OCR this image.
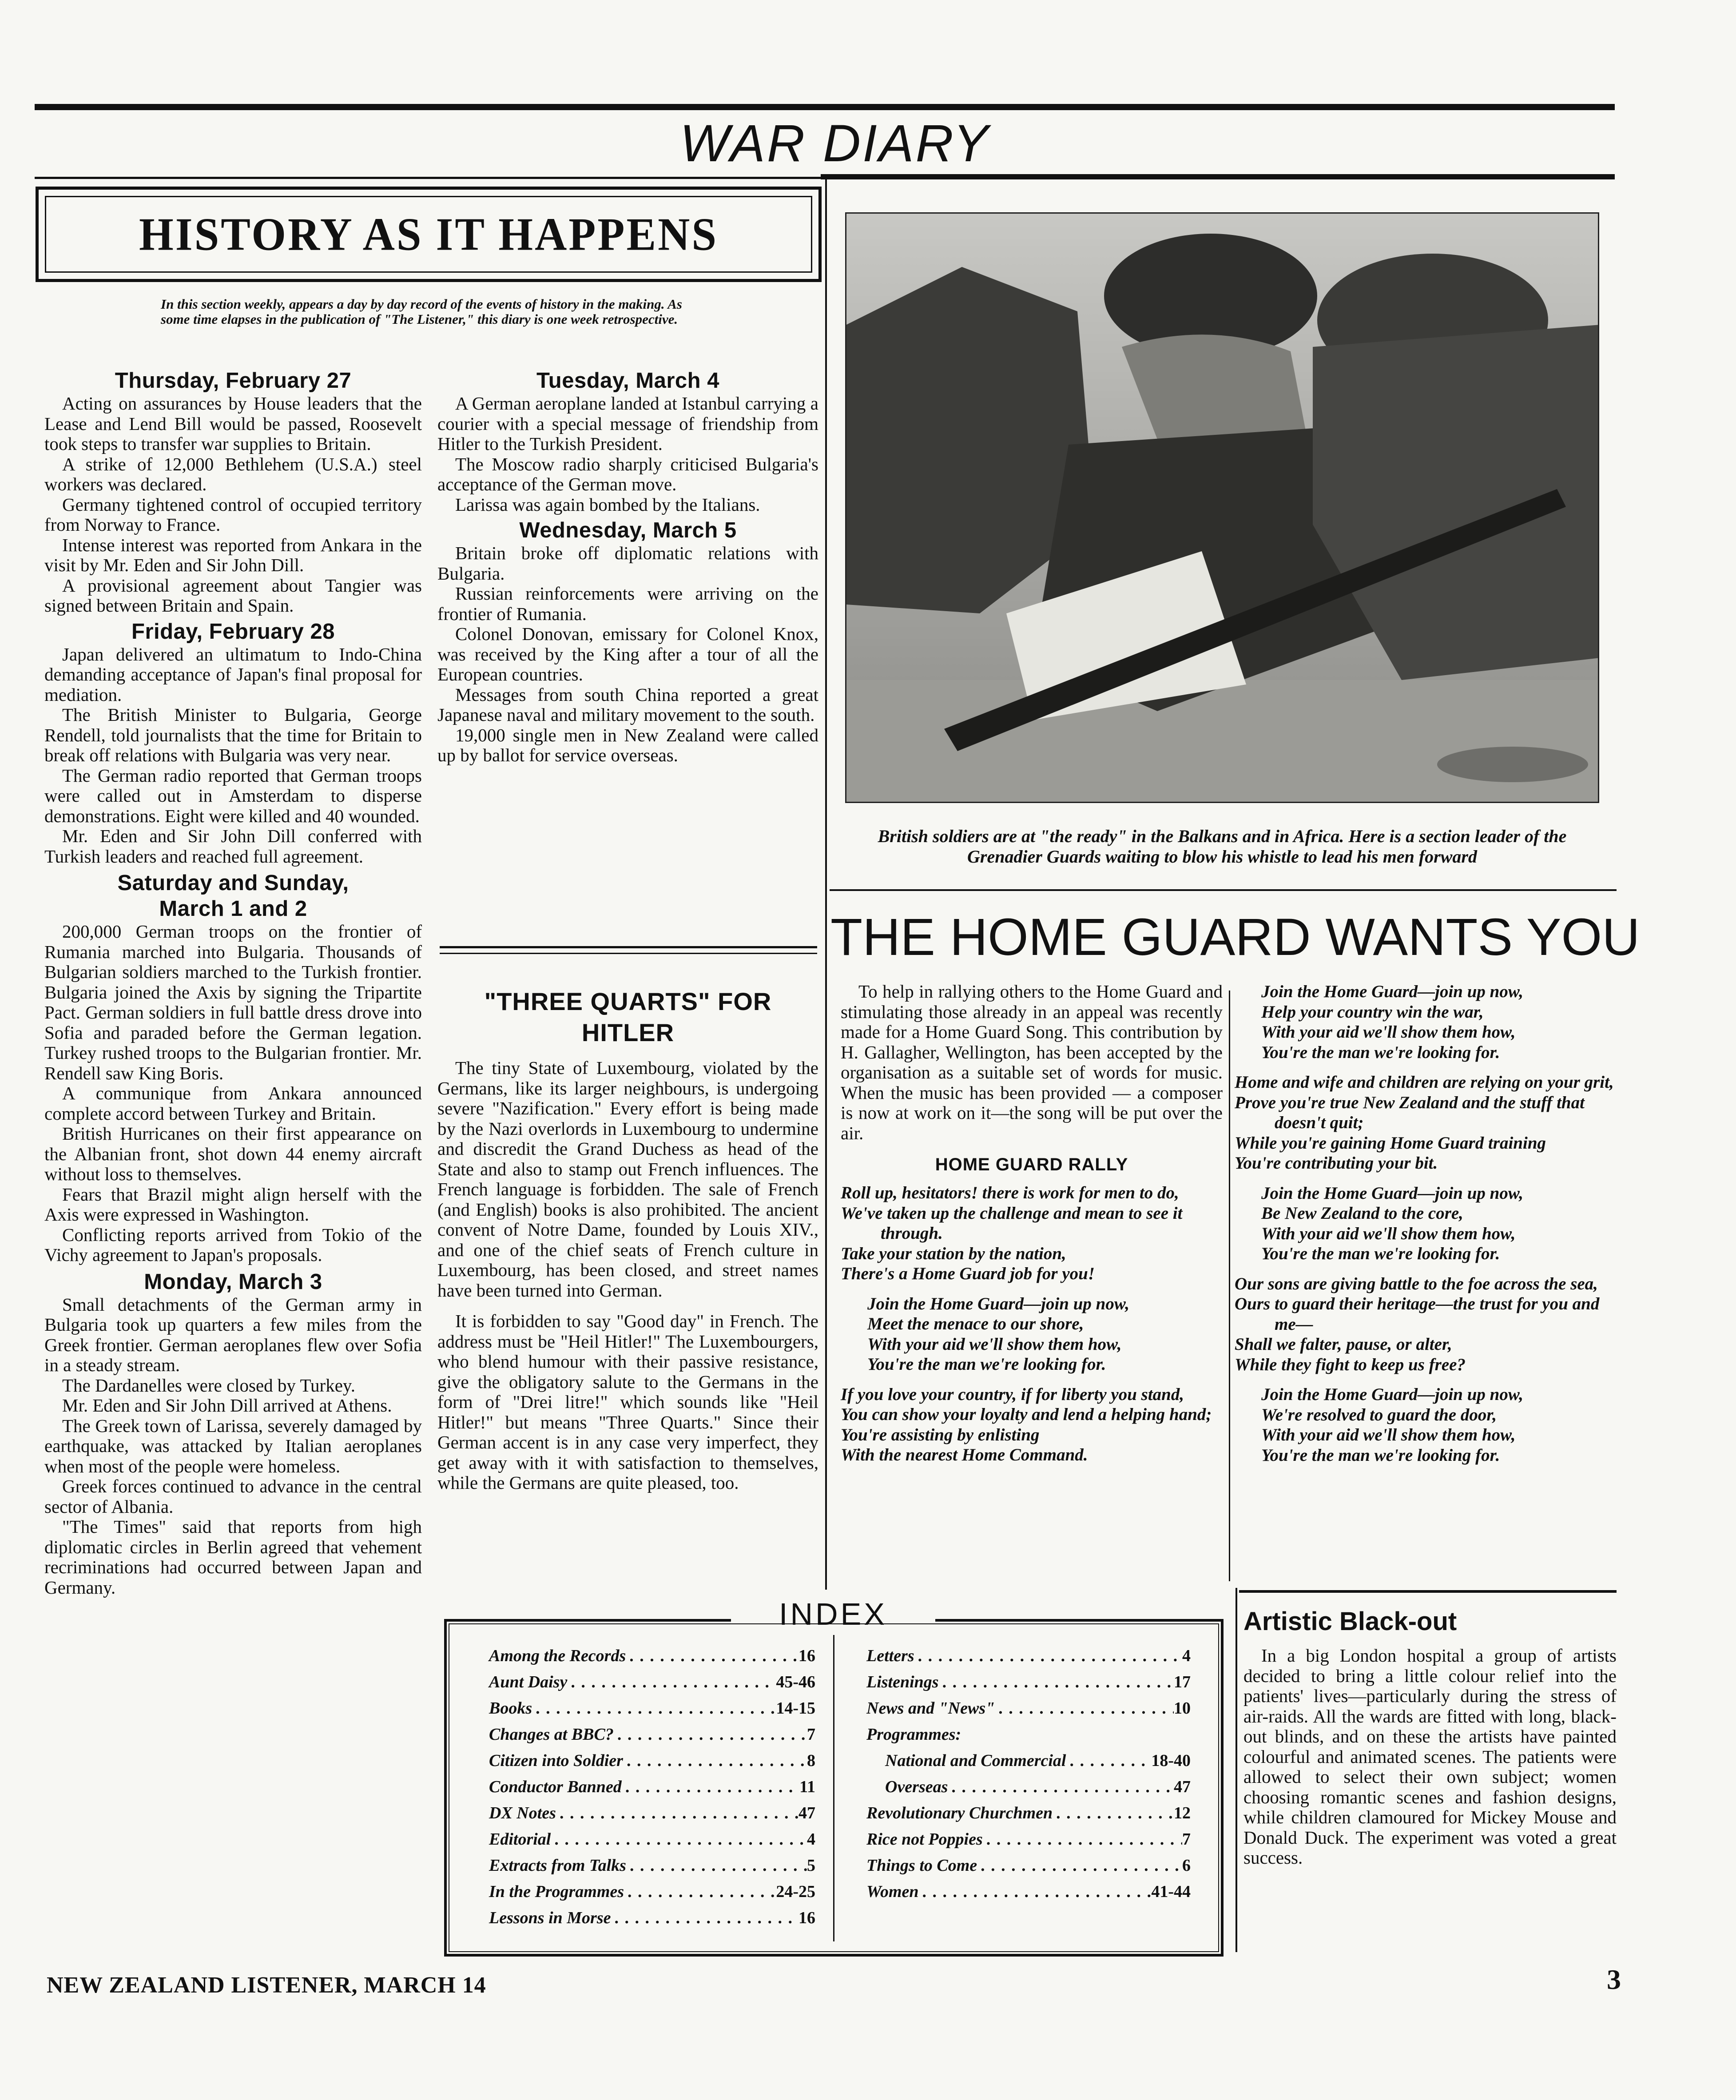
WAR DIARY
HISTORY AS IT HAPPENS
In this section weekly, appears a day by day record of the events of history in the making. As some time elapses in the publication of "The Listener," this diary is one week retrospective.
Thursday, February 27

Acting on assurances by House leaders that the Lease and Lend Bill would be passed, Roosevelt took steps to transfer war supplies to Britain.

A strike of 12,000 Bethlehem (U.S.A.) steel workers was declared.

Germany tightened control of occupied territory from Norway to France.

Intense interest was reported from Ankara in the visit by Mr. Eden and Sir John Dill.

A provisional agreement about Tangier was signed between Britain and Spain.

Friday, February 28

Japan delivered an ultimatum to Indo-China demanding acceptance of Japan's final proposal for mediation.

The British Minister to Bulgaria, George Rendell, told journalists that the time for Britain to break off relations with Bulgaria was very near.

The German radio reported that German troops were called out in Amsterdam to disperse demonstrations. Eight were killed and 40 wounded.

Mr. Eden and Sir John Dill conferred with Turkish leaders and reached full agreement.

Saturday and Sunday, March 1 and 2

200,000 German troops on the frontier of Rumania marched into Bulgaria. Thousands of Bulgarian soldiers marched to the Turkish frontier. Bulgaria joined the Axis by signing the Tripartite Pact. German soldiers in full battle dress drove into Sofia and paraded before the German legation. Turkey rushed troops to the Bulgarian frontier. Mr. Rendell saw King Boris.

A communique from Ankara announced complete accord between Turkey and Britain.

British Hurricanes on their first appearance on the Albanian front, shot down 44 enemy aircraft without loss to themselves.

Fears that Brazil might align herself with the Axis were expressed in Washington.

Conflicting reports arrived from Tokio of the Vichy agreement to Japan's proposals.

Monday, March 3

Small detachments of the German army in Bulgaria took up quarters a few miles from the Greek frontier. German aeroplanes flew over Sofia in a steady stream.

The Dardanelles were closed by Turkey.

Mr. Eden and Sir John Dill arrived at Athens.

The Greek town of Larissa, severely damaged by earthquake, was attacked by Italian aeroplanes when most of the people were homeless.

Greek forces continued to advance in the central sector of Albania.

"The Times" said that reports from high diplomatic circles in Berlin agreed that vehement recriminations had occurred between Japan and Germany.

Tuesday, March 4

A German aeroplane landed at Istanbul carrying a courier with a special message of friendship from Hitler to the Turkish President.

The Moscow radio sharply criticised Bulgaria's acceptance of the German move.

Larissa was again bombed by the Italians.

Wednesday, March 5

Britain broke off diplomatic relations with Bulgaria.

Russian reinforcements were arriving on the frontier of Rumania.

Colonel Donovan, emissary for Colonel Knox, was received by the King after a tour of all the European countries.

Messages from south China reported a great Japanese naval and military movement to the south.

19,000 single men in New Zealand were called up by ballot for service overseas.

"THREE QUARTS" FOR HITLER

The tiny State of Luxembourg, violated by the Germans, like its larger neighbours, is undergoing severe "Nazification." Every effort is being made by the Nazi overlords in Luxembourg to undermine and discredit the Grand Duchess as head of the State and also to stamp out French influences. The French language is forbidden. The sale of French (and English) books is also prohibited. The ancient convent of Notre Dame, founded by Louis XIV., and one of the chief seats of French culture in Luxembourg, has been closed, and street names have been turned into German.

It is forbidden to say "Good day" in French. The address must be "Heil Hitler!" The Luxembourgers, who blend humour with their passive resistance, give the obligatory salute to the Germans in the form of "Drei litre!" which sounds like "Heil Hitler!" but means "Three Quarts." Since their German accent is in any case very imperfect, they get away with it with satisfaction to themselves, while the Germans are quite pleased, too.

British soldiers are at "the ready" in the Balkans and in Africa. Here is a section leader of the Grenadier Guards waiting to blow his whistle to lead his men forward
THE HOME GUARD WANTS YOU

To help in rallying others to the Home Guard and stimulating those already in an appeal was recently made for a Home Guard Song. This contribution by H. Gallagher, Wellington, has been accepted by the organisation as a suitable set of words for music. When the music has been provided — a composer is now at work on it—the song will be put over the air.

HOME GUARD RALLY

Roll up, hesitators! there is work for men to do,

We've taken up the challenge and mean to see it through.

Take your station by the nation,

There's a Home Guard job for you!

Join the Home Guard—join up now,

Meet the menace to our shore,

With your aid we'll show them how,

You're the man we're looking for.

If you love your country, if for liberty you stand,

You can show your loyalty and lend a helping hand;

You're assisting by enlisting

With the nearest Home Command.

Join the Home Guard—join up now,

Help your country win the war,

With your aid we'll show them how,

You're the man we're looking for.

Home and wife and children are relying on your grit,

Prove you're true New Zealand and the stuff that doesn't quit;

While you're gaining Home Guard training

You're contributing your bit.

Join the Home Guard—join up now,

Be New Zealand to the core,

With your aid we'll show them how,

You're the man we're looking for.

Our sons are giving battle to the foe across the sea,

Ours to guard their heritage—the trust for you and me—

Shall we falter, pause, or alter,

While they fight to keep us free?

Join the Home Guard—join up now,

We're resolved to guard the door,

With your aid we'll show them how,

You're the man we're looking for.

INDEX
Among the Records . . .	16
Aunt Daisy . . .	45-46
Books . . .	14-15
Changes at BBC? . . .	7
Citizen into Soldier . . .	8
Conductor Banned . . .	11
DX Notes . . .	47
Editorial . . .	4
Extracts from Talks . . .	5
In the Programmes . . .	24-25
Lessons in Morse . . .	16
Letters . . .	4
Listenings . . .	17
News and "News" . . .	10
Programmes:
National and Commercial . . .	18-40
Overseas . . .	47
Revolutionary Churchmen . . .	12
Rice not Poppies . . .	7
Things to Come . . .	6
Women . . .	41-44
Artistic Black-out

In a big London hospital a group of artists decided to bring a little colour relief into the patients' lives—particularly during the stress of air-raids. All the wards are fitted with long, black-out blinds, and on these the artists have painted colourful and animated scenes. The patients were allowed to select their own subject; women choosing romantic scenes and fashion designs, while children clamoured for Mickey Mouse and Donald Duck. The experiment was voted a great success.

NEW ZEALAND LISTENER, MARCH 14	3
